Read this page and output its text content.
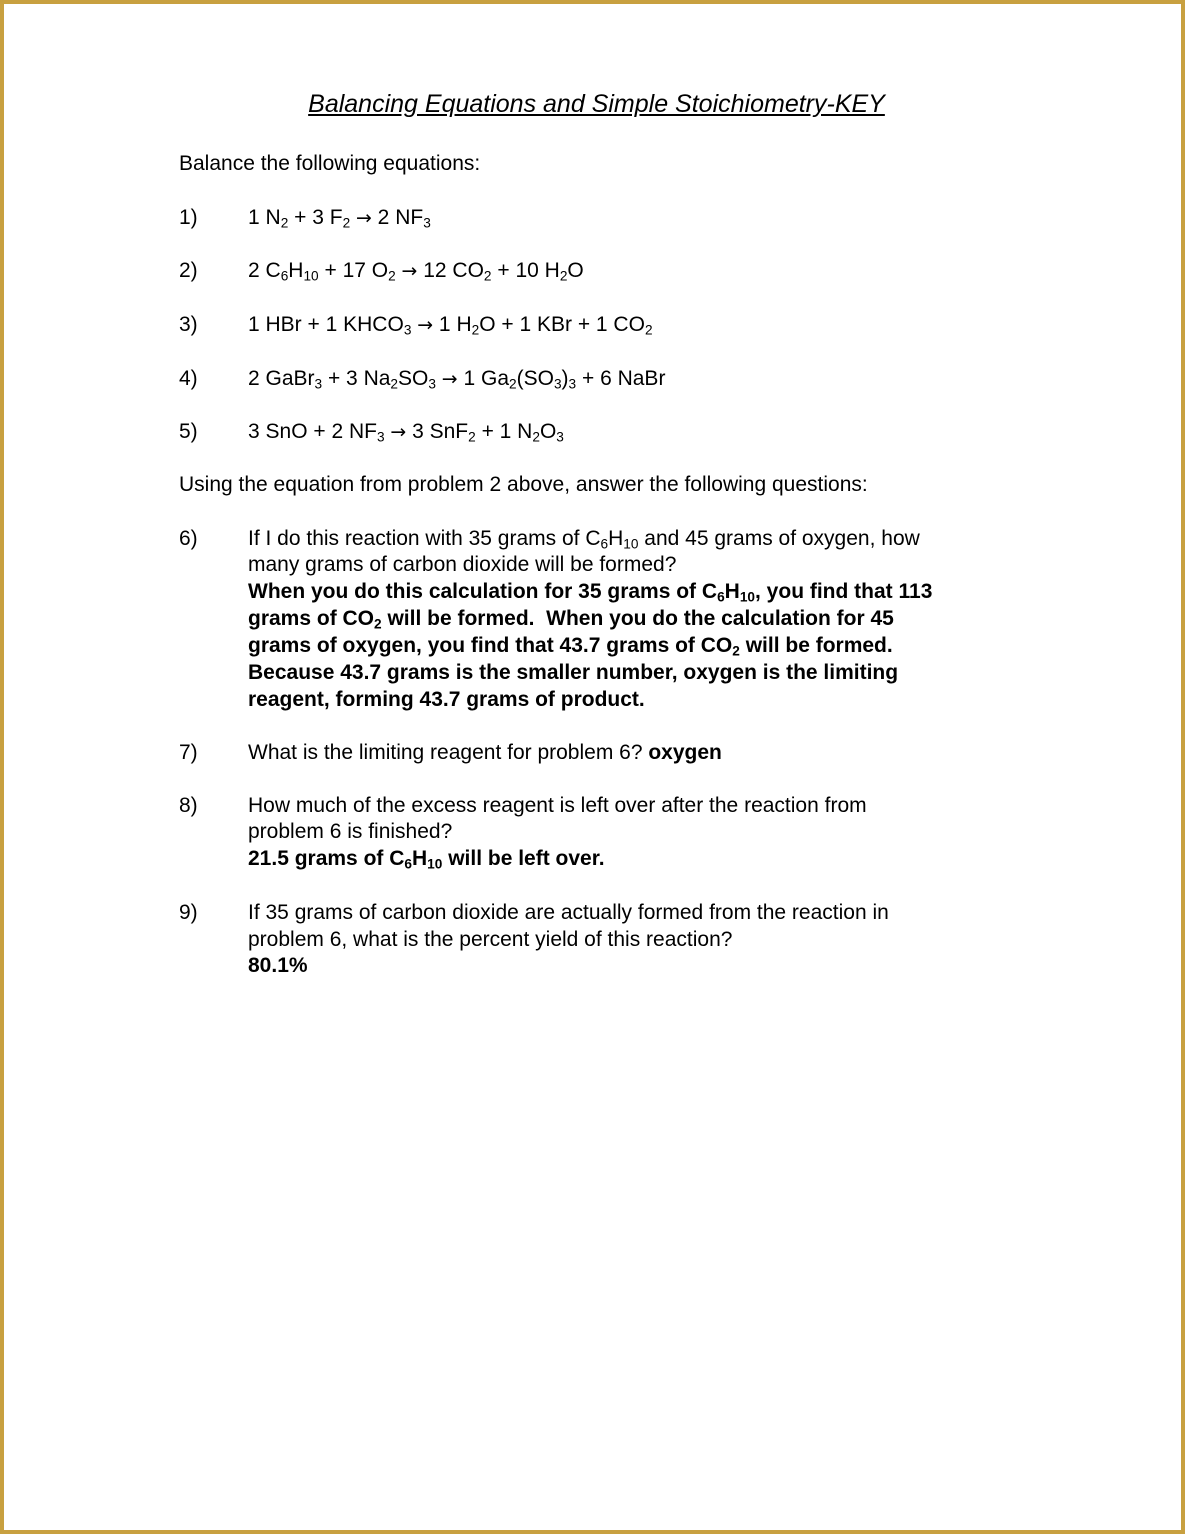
Balancing Equations and Simple Stoichiometry-KEY
Balance the following equations:
1) 1 $N_2 + 3$ $F_2 \to 2$ $NF_3$
2) 2 $C_6H_{10} + 17$ $O_2 \to 12$ $CO_2 + 10$ $H_2O$
3) 1 HBr + 1 $KHCO_3 \to 1$ $H_2O + 1$ KBr + 1 $CO_2$
4) 2 GaBr$_3$ + 3 $Na_2SO_3 \to 1$ $Ga_2(SO_3)_3 + 6$ NaBr
5) 3 SnO + 2 $NF_3 \to 3$ SnF$_2$ + 1 $N_2O_3$
Using the equation from problem 2 above, answer the following questions:
6) If I do this reaction with 35 grams of $C_6H_{10}$ and 45 grams of oxygen, how
many grams of carbon dioxide will be formed?
When you do this calculation for 35 grams of $C_6H_{10}$, you find that 113
grams of $CO_2$ will be formed.  When you do the calculation for 45
grams of oxygen, you find that 43.7 grams of $CO_2$ will be formed.
Because 43.7 grams is the smaller number, oxygen is the limiting
reagent, forming 43.7 grams of product.
7) What is the limiting reagent for problem 6? oxygen
8) How much of the excess reagent is left over after the reaction from
problem 6 is finished?
21.5 grams of $C_6H_{10}$ will be left over.
9) If 35 grams of carbon dioxide are actually formed from the reaction in
problem 6, what is the percent yield of this reaction?
80.1%
